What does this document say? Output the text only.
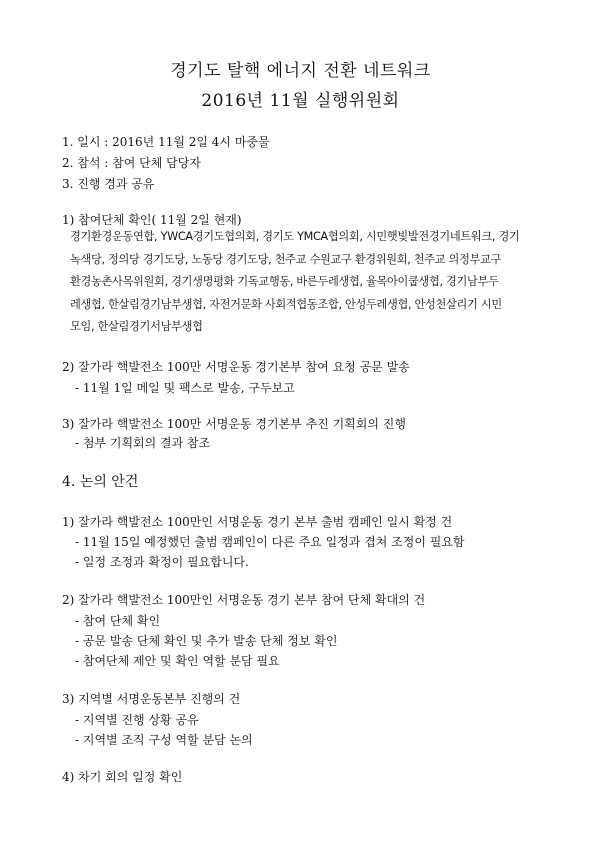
경기도 탈핵 에너지 전환 네트워크
2016년 11월 실행위원회
1. 일시 : 2016년 11월 2일 4시 마중물
2. 참석 : 참여 단체 담당자
3. 진행 경과 공유
1) 참여단체 확인( 11월 2일 현재)

경기환경운동연합, YWCA경기도협의회, 경기도 YMCA협의회, 시민햇빛발전경기네트워크, 경기

녹색당, 정의당 경기도당, 노동당 경기도당, 천주교 수원교구 환경위원회, 천주교 의정부교구

환경농촌사목위원회, 경기생명평화 기독교행동, 바른두레생협, 율목아이쿱생협, 경기남부두

레생협, 한살림경기남부생협, 자전거문화 사회적협동조합, 안성두레생협, 안성천살리기 시민

모임, 한살림경기서남부생협

2) 잘가라 핵발전소 100만 서명운동 경기본부 참여 요청 공문 발송
- 11월 1일 메일 및 팩스로 발송, 구두보고
3) 잘가라 핵발전소 100만 서명운동 경기본부 추진 기획회의 진행
- 첨부 기획회의 결과 참조
4. 논의 안건
1) 잘가라 핵발전소 100만인 서명운동 경기 본부 출범 캠페인 일시 확정 건
- 11월 15일 예정했던 출범 캠페인이 다른 주요 일정과 겹쳐 조정이 필요함
- 일정 조정과 확정이 필요합니다.
2) 잘가라 핵발전소 100만인 서명운동 경기 본부 참여 단체 확대의 건
- 참여 단체 확인
- 공문 발송 단체 확인 및 추가 발송 단체 정보 확인
- 참여단체 제안 및 확인 역할 분담 필요
3) 지역별 서명운동본부 진행의 건
- 지역별 진행 상황 공유
- 지역별 조직 구성 역할 분담 논의
4) 차기 회의 일정 확인
